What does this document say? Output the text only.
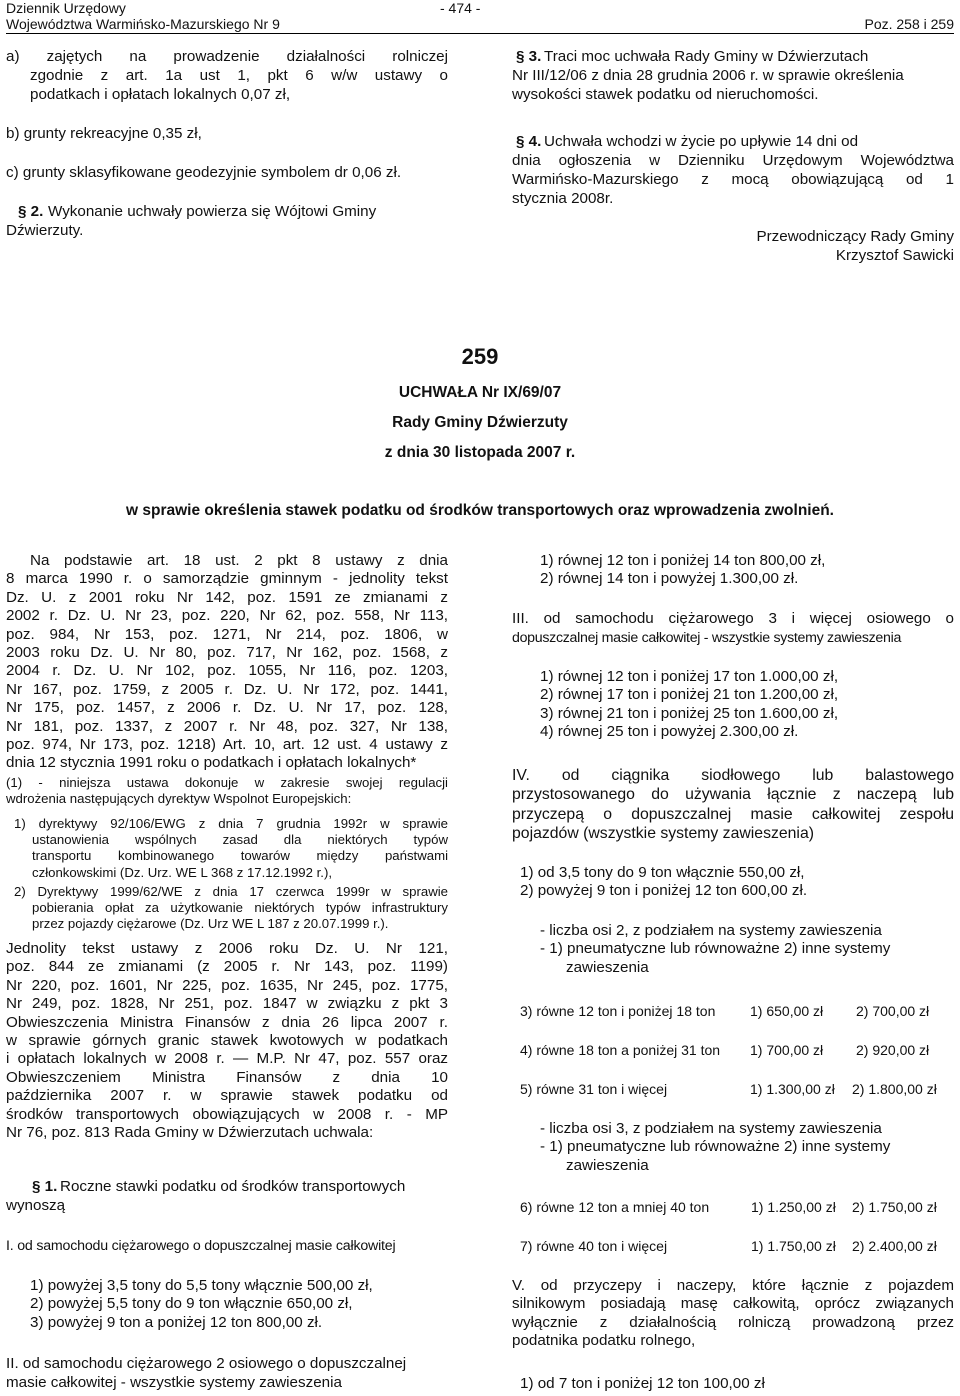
Dziennik Urzędowy
Województwa Warmińsko-Mazurskiego Nr 9
- 474 -
Poz. 258 i 259
a) zajętych na prowadzenie działalności rolniczej
zgodnie z art. 1a ust 1, pkt 6 w/w ustawy o
podatkach i opłatach lokalnych 0,07 zł,
b) grunty rekreacyjne 0,35 zł,
c) grunty sklasyfikowane geodezyjnie symbolem dr 0,06 zł.
§ 2. Wykonanie uchwały powierza się Wójtowi Gminy
Dźwierzuty.
§ 3. Traci moc uchwała Rady Gminy w Dźwierzutach
Nr III/12/06 z dnia 28 grudnia 2006 r. w sprawie określenia
wysokości stawek podatku od nieruchomości.
§ 4. Uchwała wchodzi w życie po upływie 14 dni od
dnia ogłoszenia w Dzienniku Urzędowym Województwa
Warmińsko-Mazurskiego z mocą obowiązującą od 1
stycznia 2008r.
Przewodniczący Rady Gminy
Krzysztof Sawicki
259
UCHWAŁA Nr IX/69/07
Rady Gminy Dźwierzuty
z dnia 30 listopada 2007 r.
w sprawie określenia stawek podatku od środków transportowych oraz wprowadzenia zwolnień.
Na podstawie art. 18 ust. 2 pkt 8 ustawy z dnia
8 marca 1990 r. o samorządzie gminnym - jednolity tekst
Dz. U. z 2001 roku Nr 142, poz. 1591 ze zmianami z
2002 r. Dz. U. Nr 23, poz. 220, Nr 62, poz. 558, Nr 113,
poz. 984, Nr 153, poz. 1271, Nr 214, poz. 1806, w
2003 roku Dz. U. Nr 80, poz. 717, Nr 162, poz. 1568, z
2004 r. Dz. U. Nr 102, poz. 1055, Nr 116, poz. 1203,
Nr 167, poz. 1759, z 2005 r. Dz. U. Nr 172, poz. 1441,
Nr 175, poz. 1457, z 2006 r. Dz. U. Nr 17, poz. 128,
Nr 181, poz. 1337, z 2007 r. Nr 48, poz. 327, Nr 138,
poz. 974, Nr 173, poz. 1218) Art. 10, art. 12 ust. 4 ustawy z
dnia 12 stycznia 1991 roku o podatkach i opłatach lokalnych*
(1) - niniejsza ustawa dokonuje w zakresie swojej regulacji
wdrożenia następujących dyrektyw Wspolnot Europejskich:
1) dyrektywy 92/106/EWG z dnia 7 grudnia 1992r w sprawie
ustanowienia wspólnych zasad dla niektórych typów
transportu kombinowanego towarów między państwami
członkowskimi (Dz. Urz. WE L 368 z 17.12.1992 r.),
2) Dyrektywy 1999/62/WE z dnia 17 czerwca 1999r w sprawie
pobierania opłat za użytkowanie niektórych typów infrastruktury
przez pojazdy ciężarowe (Dz. Urz WE L 187 z 20.07.1999 r.).
Jednolity tekst ustawy z 2006 roku Dz. U. Nr 121,
poz. 844 ze zmianami (z 2005 r. Nr 143, poz. 1199)
Nr 220, poz. 1601, Nr 225, poz. 1635, Nr 245, poz. 1775,
Nr 249, poz. 1828, Nr 251, poz. 1847 w związku z pkt 3
Obwieszczenia Ministra Finansów z dnia 26 lipca 2007 r.
w sprawie górnych granic stawek kwotowych w podatkach
i opłatach lokalnych w 2008 r. — M.P. Nr 47, poz. 557 oraz
Obwieszczeniem Ministra Finansów z dnia 10
października 2007 r. w sprawie stawek podatku od
środków transportowych obowiązujących w 2008 r. - MP
Nr 76, poz. 813 Rada Gminy w Dźwierzutach uchwala:
§ 1. Roczne stawki podatku od środków transportowych
wynoszą
I. od samochodu ciężarowego o dopuszczalnej masie całkowitej
1) powyżej 3,5 tony do 5,5 tony włącznie 500,00 zł,
2) powyżej 5,5 tony do 9 ton włącznie 650,00 zł,
3) powyżej 9 ton a poniżej 12 ton 800,00 zł.
II. od samochodu ciężarowego 2 osiowego o dopuszczalnej
masie całkowitej - wszystkie systemy zawieszenia
1) równej 12 ton i poniżej 14 ton 800,00 zł,
2) równej 14 ton i powyżej 1.300,00 zł.
III. od samochodu ciężarowego 3 i więcej osiowego o
dopuszczalnej masie całkowitej - wszystkie systemy zawieszenia
1) równej 12 ton i poniżej 17 ton 1.000,00 zł,
2) równej 17 ton i poniżej 21 ton 1.200,00 zł,
3) równej 21 ton i poniżej 25 ton 1.600,00 zł,
4) równej 25 ton i powyżej 2.300,00 zł.
IV. od ciągnika siodłowego lub balastowego
przystosowanego do używania łącznie z naczepą lub
przyczepą o dopuszczalnej masie całkowitej zespołu
pojazdów (wszystkie systemy zawieszenia)
1) od 3,5 tony do 9 ton włącznie 550,00 zł,
2) powyżej 9 ton i poniżej 12 ton 600,00 zł.
- liczba osi 2, z podziałem na systemy zawieszenia
- 1) pneumatyczne lub równoważne 2) inne systemy
zawieszenia
3) równe 12 ton i poniżej 18 ton 1) 650,00 zł 2) 700,00 zł
4) równe 18 ton a poniżej 31 ton 1) 700,00 zł 2) 920,00 zł
5) równe 31 ton i więcej	1) 1.300,00 zł 2) 1.800,00 zł
- liczba osi 3, z podziałem na systemy zawieszenia
- 1) pneumatyczne lub równoważne 2) inne systemy
zawieszenia
6) równe 12 ton a mniej 40 ton	1) 1.250,00 zł 2) 1.750,00 zł
7) równe 40 ton i więcej	1) 1.750,00 zł 2) 2.400,00 zł
V. od przyczepy i naczepy, które łącznie z pojazdem
silnikowym posiadają masę całkowitą, oprócz związanych
wyłącznie z działalnością rolniczą prowadzoną przez
podatnika podatku rolnego,
1) od 7 ton i poniżej 12 ton 100,00 zł
